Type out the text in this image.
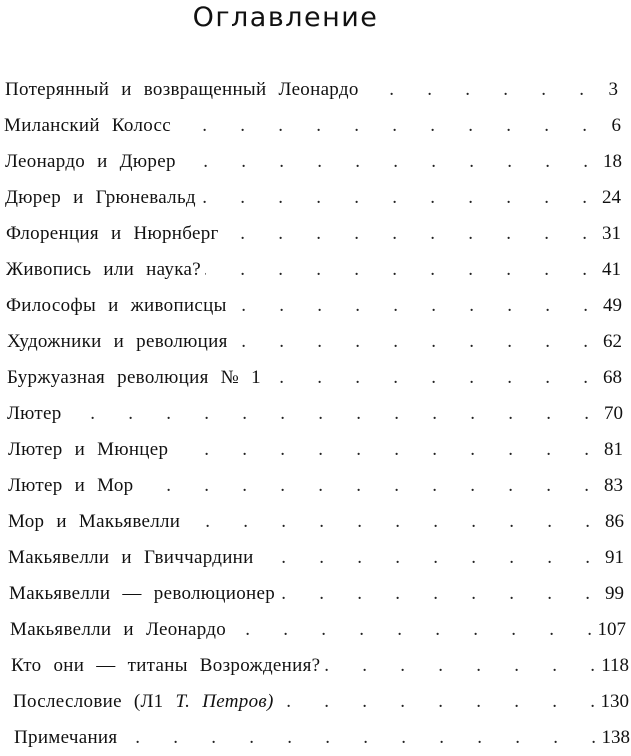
Оглавление
Потерянный и возвращенный Леонардо .	3
Миланский Колосс .	6
Леонардо и Дюрер .	18
Дюрер и Грюневальд .	24
Флоренция и Нюрнберг .	31
Живопись или наука? .	41
Философы и живописцы .	49
Художники и революция .	62
Буржуазная революция № 1 .	68
Лютер .	70
Лютер и Мюнцер .	81
Лютер и Мор .	83
Мор и Макьявелли .	86
Макьявелли и Гвиччардини .	91
Макьявелли — революционер .	99
Макьявелли и Леонардо .	107
Кто они — титаны Возрождения? .	118
Послесловие (Л1 Т. Петров) .	130
Примечания .	138
